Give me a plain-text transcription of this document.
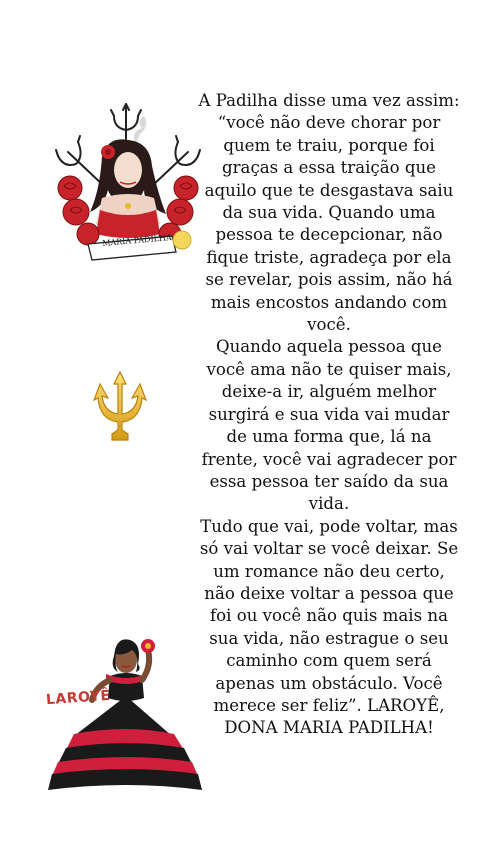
MARIA PADILHA
A Padilha disse uma vez assim: “você não deve chorar por quem te traiu, porque foi graças a essa traição que aquilo que te desgastava saiu da sua vida. Quando uma pessoa te decepcionar, não fique triste, agradeça por ela se revelar, pois assim, não há mais encostos andando com você.
Quando aquela pessoa que você ama não te quiser mais, deixe-a ir, alguém melhor surgirá e sua vida vai mudar de uma forma que, lá na frente, você vai agradecer por essa pessoa ter saído da sua vida.
Tudo que vai, pode voltar, mas só vai voltar se você deixar. Se um romance não deu certo, não deixe voltar a pessoa que foi ou você não quis mais na sua vida, não estrague o seu caminho com quem será apenas um obstáculo. Você merece ser feliz”. LAROYÊ, DONA MARIA PADILHA!
LAROYÊ
